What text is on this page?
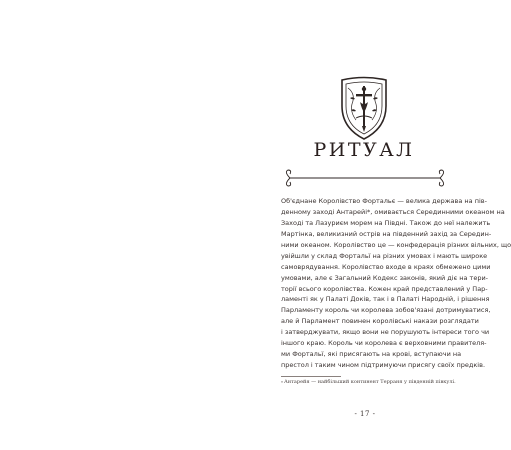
РИТУАЛ
Об'єднане Королівство Фортальє — велика держава на пів-
денному заході Антарейі*, омивається Серединними океаном на
Заході та Лазуриєм морем на Півдні. Також до неї належить
Мартінка, великизний острів на південний захід за Середин-
ними океаном. Королівство це — конфедерація різних вільних, що
увійшли у склад Фортальї на різних умовах і мають широке
самоврядування. Королівство входе в краях обмежено цими
умовами, але є Загальний Кодекс законів, який діє на тери-
торії всього королівства. Кожен край представлений у Пар-
ламенті як у Палаті Доків, так і в Палаті Народній, і рішення
Парламенту король чи королева зобов'язані дотримуватися,
але й Парламент повинен королівські накази розглядати
і затверджувати, якщо вони не порушують інтереси того чи
іншого краю. Король чи королева є верховними правителя-
ми Фортальї, які присягають на крові, вступаючи на
престол і таким чином підтримуючи присягу своїх предків.
*Антарейя — найбільший континент Терраня у південній півкулі.
- 17 -
